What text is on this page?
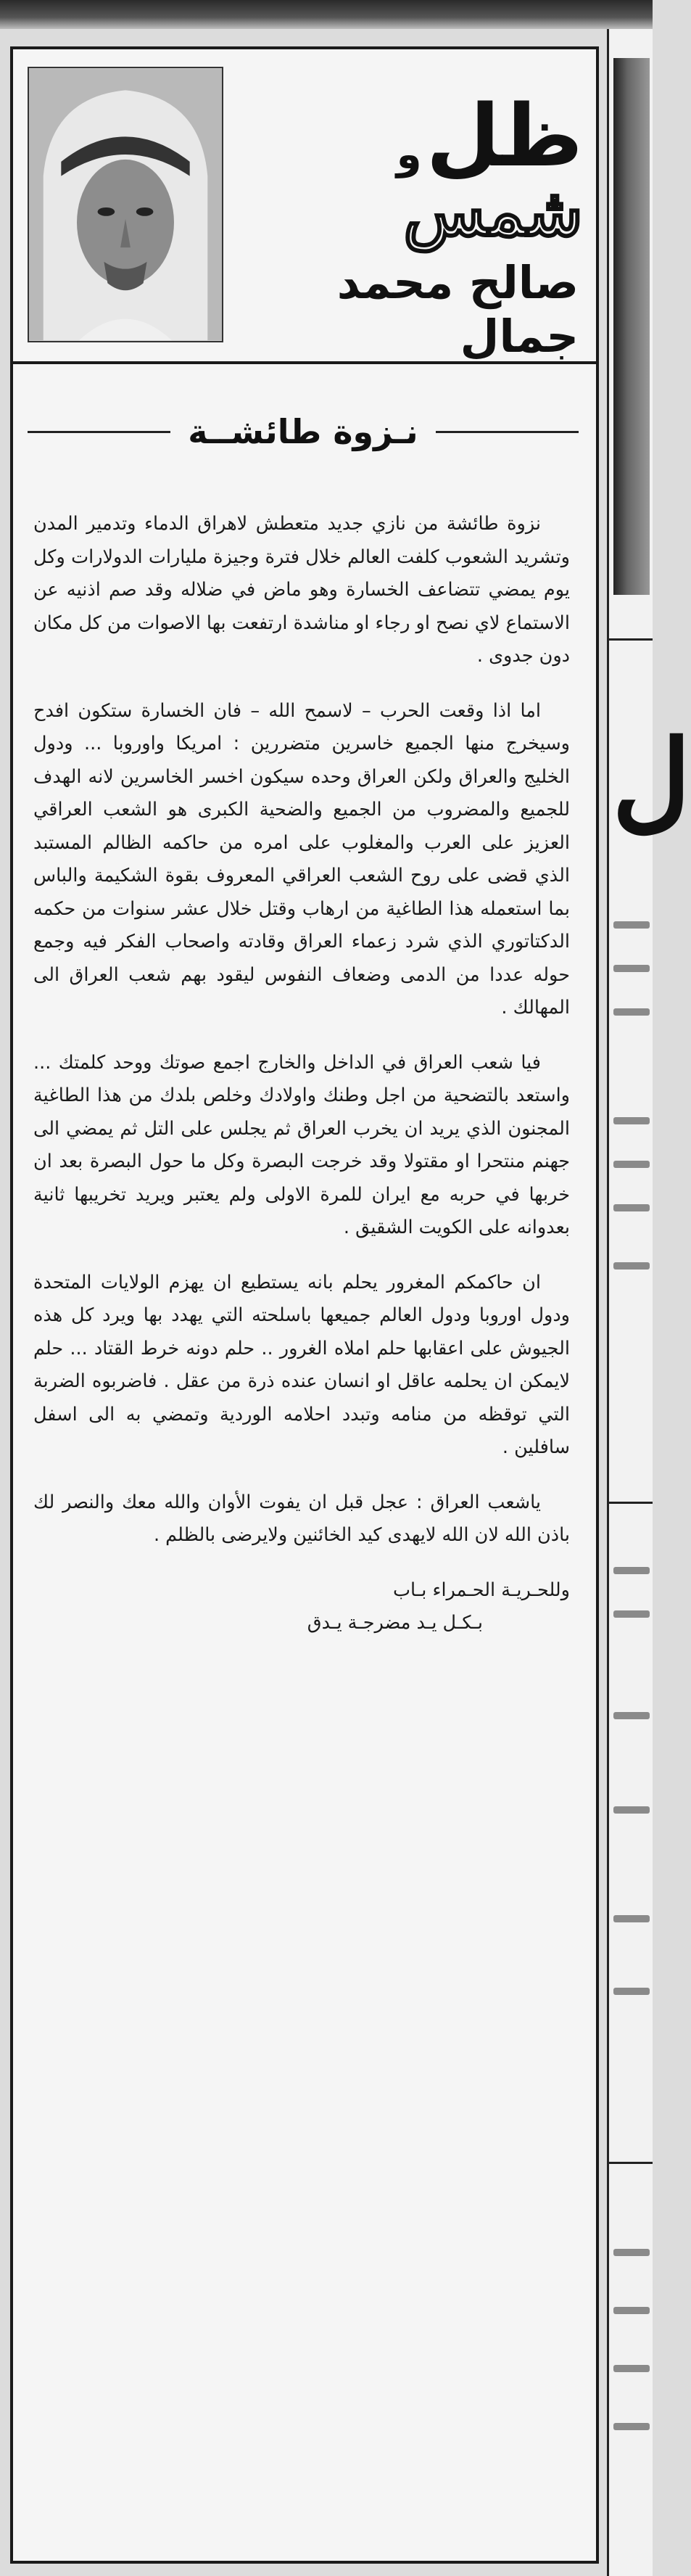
ل
ظلوشمس
صالح محمد جمال
نـزوة طائشــة

نزوة طائشة من نازي جديد متعطش لاهراق الدماء وتدمير المدن وتشريد الشعوب كلفت العالم خلال فترة وجيزة مليارات الدولارات وكل يوم يمضي تتضاعف الخسارة وهو ماض في ضلاله وقد صم اذنيه عن الاستماع لاي نصح او رجاء او مناشدة ارتفعت بها الاصوات من كل مكان دون جدوى .

اما اذا وقعت الحرب – لاسمح الله – فان الخسارة ستكون افدح وسيخرج منها الجميع خاسرين متضررين : امريكا واوروبا ... ودول الخليج والعراق ولكن العراق وحده سيكون اخسر الخاسرين لانه الهدف للجميع والمضروب من الجميع والضحية الكبرى هو الشعب العراقي العزيز على العرب والمغلوب على امره من حاكمه الظالم المستبد الذي قضى على روح الشعب العراقي المعروف بقوة الشكيمة والباس بما استعمله هذا الطاغية من ارهاب وقتل خلال عشر سنوات من حكمه الدكتاتوري الذي شرد زعماء العراق وقادته واصحاب الفكر فيه وجمع حوله عددا من الدمى وضعاف النفوس ليقود بهم شعب العراق الى المهالك .

فيا شعب العراق في الداخل والخارج اجمع صوتك ووحد كلمتك ... واستعد بالتضحية من اجل وطنك واولادك وخلص بلدك من هذا الطاغية المجنون الذي يريد ان يخرب العراق ثم يجلس على التل ثم يمضي الى جهنم منتحرا او مقتولا وقد خرجت البصرة وكل ما حول البصرة بعد ان خربها في حربه مع ايران للمرة الاولى ولم يعتبر ويريد تخريبها ثانية بعدوانه على الكويت الشقيق .

ان حاكمكم المغرور يحلم بانه يستطيع ان يهزم الولايات المتحدة ودول اوروبا ودول العالم جميعها باسلحته التي يهدد بها ويرد كل هذه الجيوش على اعقابها حلم املاه الغرور .. حلم دونه خرط القتاد ... حلم لايمكن ان يحلمه عاقل او انسان عنده ذرة من عقل . فاضربوه الضربة التي توقظه من منامه وتبدد احلامه الوردية وتمضي به الى اسفل سافلين .

ياشعب العراق : عجل قبل ان يفوت الأوان والله معك والنصر لك باذن الله لان الله لايهدى كيد الخائنين ولايرضى بالظلم .

وللحـريـة الحـمراء بـاب

بـكـل يـد مضرجـة يـدق
